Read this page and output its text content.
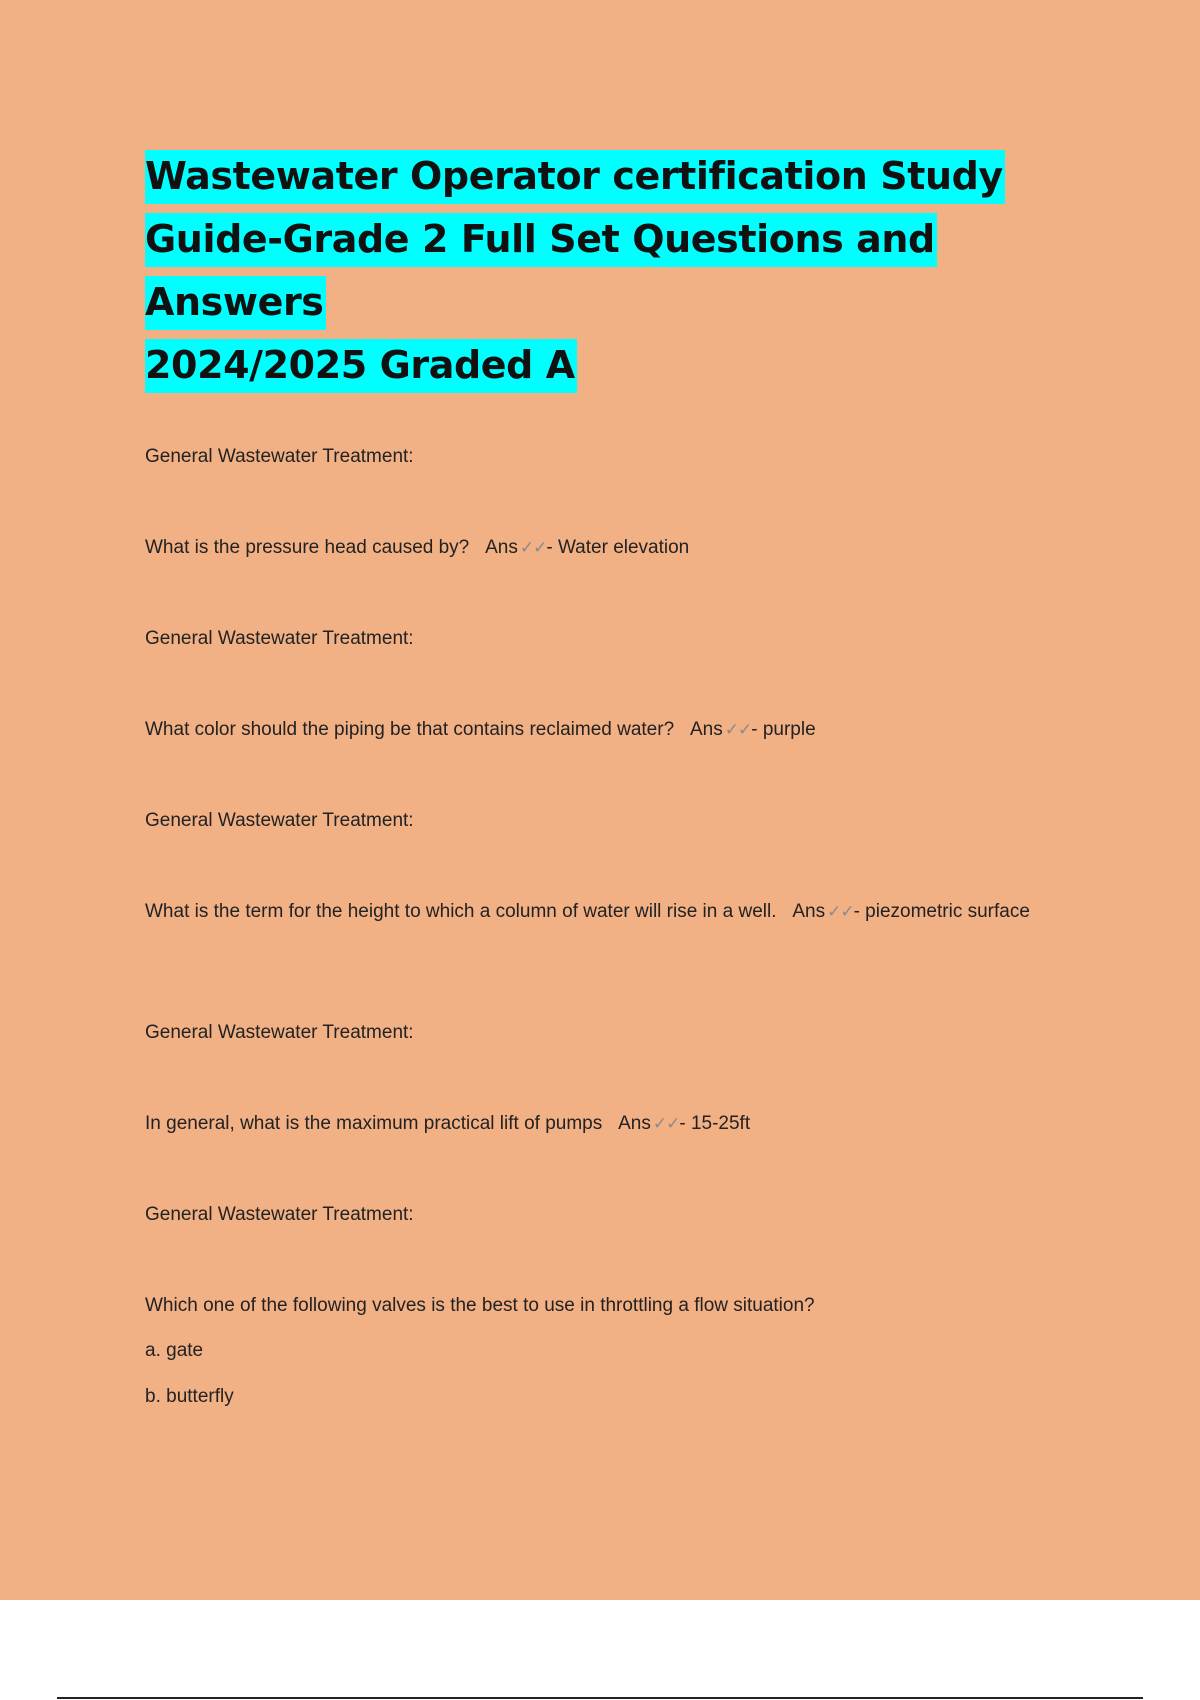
Wastewater Operator certification Study
Guide-Grade 2 Full Set Questions and Answers
2024/2025 Graded A
General Wastewater Treatment:
What is the pressure head caused by? Ans ✓✓- Water elevation
General Wastewater Treatment:
What color should the piping be that contains reclaimed water? Ans ✓✓- purple
General Wastewater Treatment:
What is the term for the height to which a column of water will rise in a well. Ans ✓✓- piezometric surface
General Wastewater Treatment:
In general, what is the maximum practical lift of pumps Ans ✓✓- 15-25ft
General Wastewater Treatment:
Which one of the following valves is the best to use in throttling a flow situation?
a. gate
b. butterfly
